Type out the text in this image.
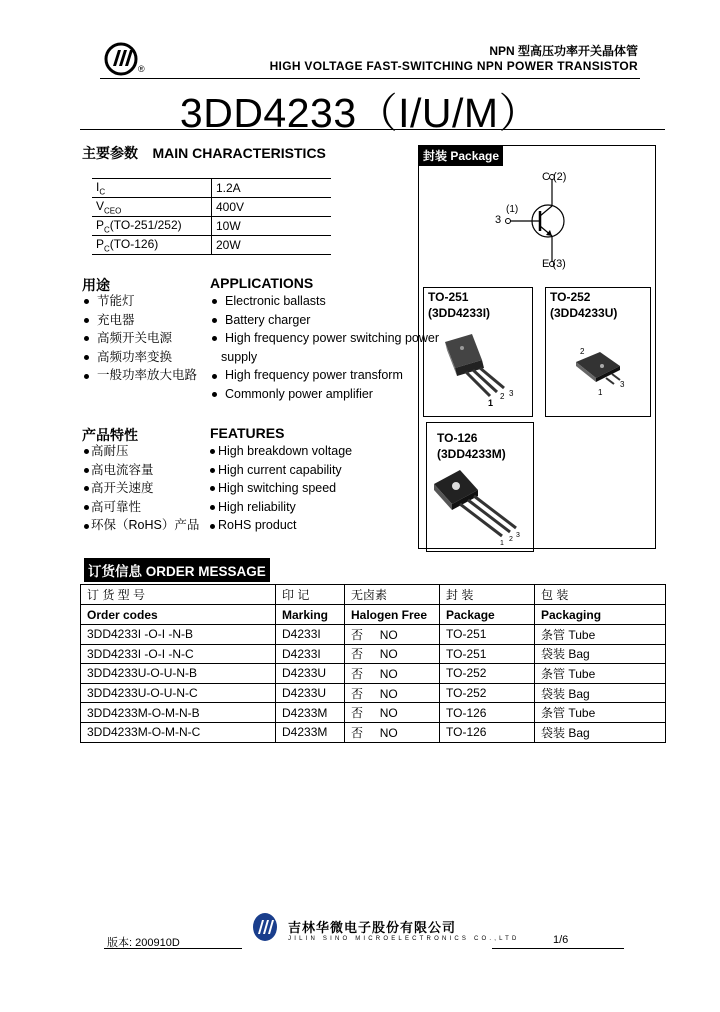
®
NPN 型高压功率开关晶体管
HIGH VOLTAGE FAST-SWITCHING NPN POWER TRANSISTOR
3DD4233（I/U/M）
主要参数 MAIN CHARACTERISTICS
$I_C$	1.2A
$V_{CEO}$	400V
$P_C(TO-251/252)$	10W
$P_C(TO-126)$	20W
用途	APPLICATIONS
节能灯
充电器
高频开关电源
高频功率变换
一般功率放大电路
Electronic ballasts
Battery charger
High frequency power switching power
supply
High frequency power transform
Commonly power amplifier
产品特性	FEATURES
高耐压
高电流容量
高开关速度
高可靠性
环保（RoHS）产品
High breakdown voltage
High current capability
High switching speed
High reliability
RoHS product
封装 Package
C (2)
3
(1)
E (3)
TO-251
(3DD4233I)
1
2 3
TO-252
(3DD4233U)
2
3
1
TO-126
(3DD4233M)
1
2
3
订货信息 ORDER MESSAGE
订 货 型 号	印 记	无卤素	封 装	包 装
Order codes	Marking	Halogen Free	Package	Packaging
3DD4233I -O-I -N-B	D4233I	否 NO	TO-251	条管 Tube
3DD4233I -O-I -N-C	D4233I	否 NO	TO-251	袋装 Bag
3DD4233U-O-U-N-B	D4233U	否 NO	TO-252	条管 Tube
3DD4233U-O-U-N-C	D4233U	否 NO	TO-252	袋装 Bag
3DD4233M-O-M-N-B	D4233M	否 NO	TO-126	条管 Tube
3DD4233M-O-M-N-C	D4233M	否 NO	TO-126	袋装 Bag
吉林华微电子股份有限公司
JILIN SINO MICROELECTRONICS CO.,LTD
版本: 200910D	1/6
